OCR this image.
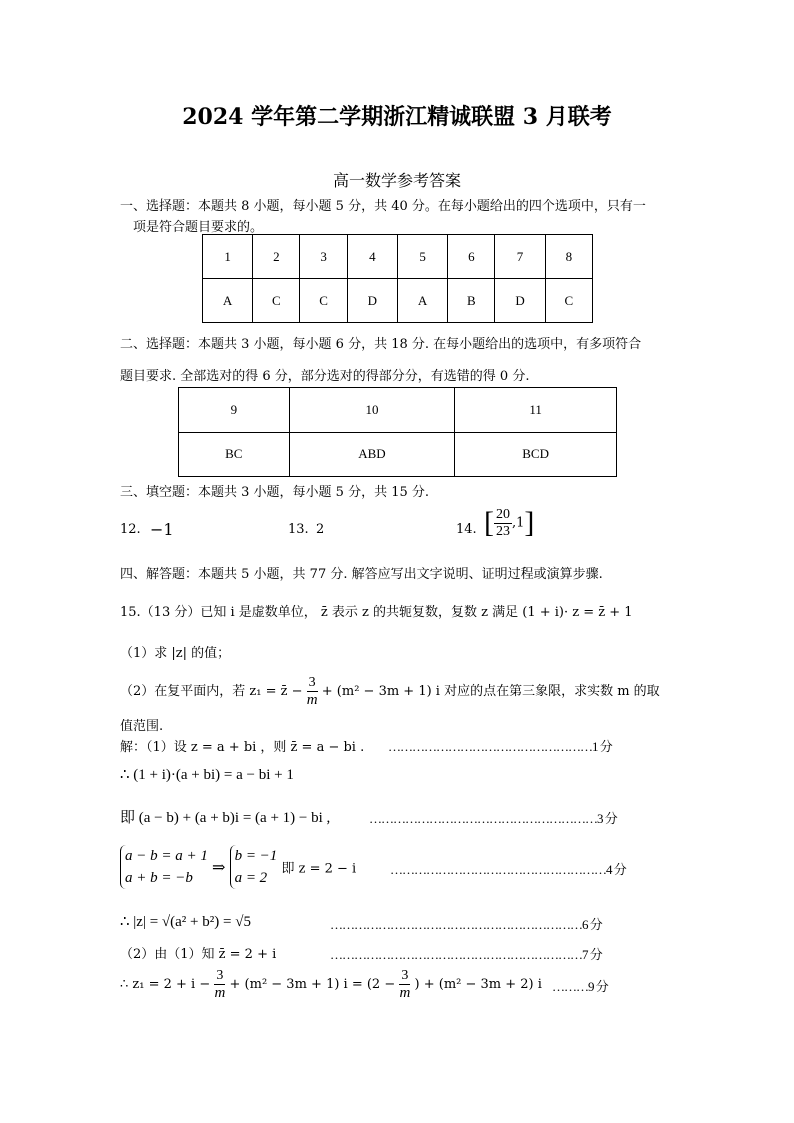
2024 学年第二学期浙江精诚联盟 3 月联考
高一数学参考答案
一、选择题：本题共 8 小题，每小题 5 分，共 40 分。在每小题给出的四个选项中，只有一
项是符合题目要求的。
1	2	3	4	5	6	7	8
A	C	C	D	A	B	D	C
二、选择题：本题共 3 小题，每小题 6 分，共 18 分. 在每小题给出的选项中，有多项符合
题目要求. 全部选对的得 6 分，部分选对的得部分分，有选错的得 0 分.
9	10	11
BC	ABD	BCD
三、填空题：本题共 3 小题，每小题 5 分，共 15 分.
12. −1	13. 2	14. [ $\frac{20}{23} ,1$]
四、解答题：本题共 5 小题，共 77 分. 解答应写出文字说明、证明过程或演算步骤.
15.（13 分）已知 i 是虚数单位， z̄ 表示 z 的共轭复数，复数 z 满足 (1 + i)· z = z̄ + 1
（1）求 |z| 的值；
（2）在复平面内，若 z₁ = z̄ − $\frac{3}{m} + (m^2 - 3m + 1)$ i 对应的点在第三象限，求实数 m 的取
值范围.
解：（1）设 z = a + bi ，则 z̄ = a − bi . ……………………………………………1 分
∴ (1 + i)·(a + bi) = a − bi + 1
即 (a − b) + (a + b)i = (a + 1) − bi ,	…………………………………………………3 分
a − b = a + 1
a + b = −b
⇒
b = −1
a = 2
即 z = 2 − i	………………………………………………4 分
∴ |z| = √(a² + b²) = √5	………………………………………………………6 分
（2）由（1）知 z̄ = 2 + i	………………………………………………………7 分
∴ $z_1 = 2 + i - \frac{3}{m} + (m^2 - 3m + 1) i = (2 - \frac{3}{m}$ ) + (m² − 3m + 2) i ………9 分
